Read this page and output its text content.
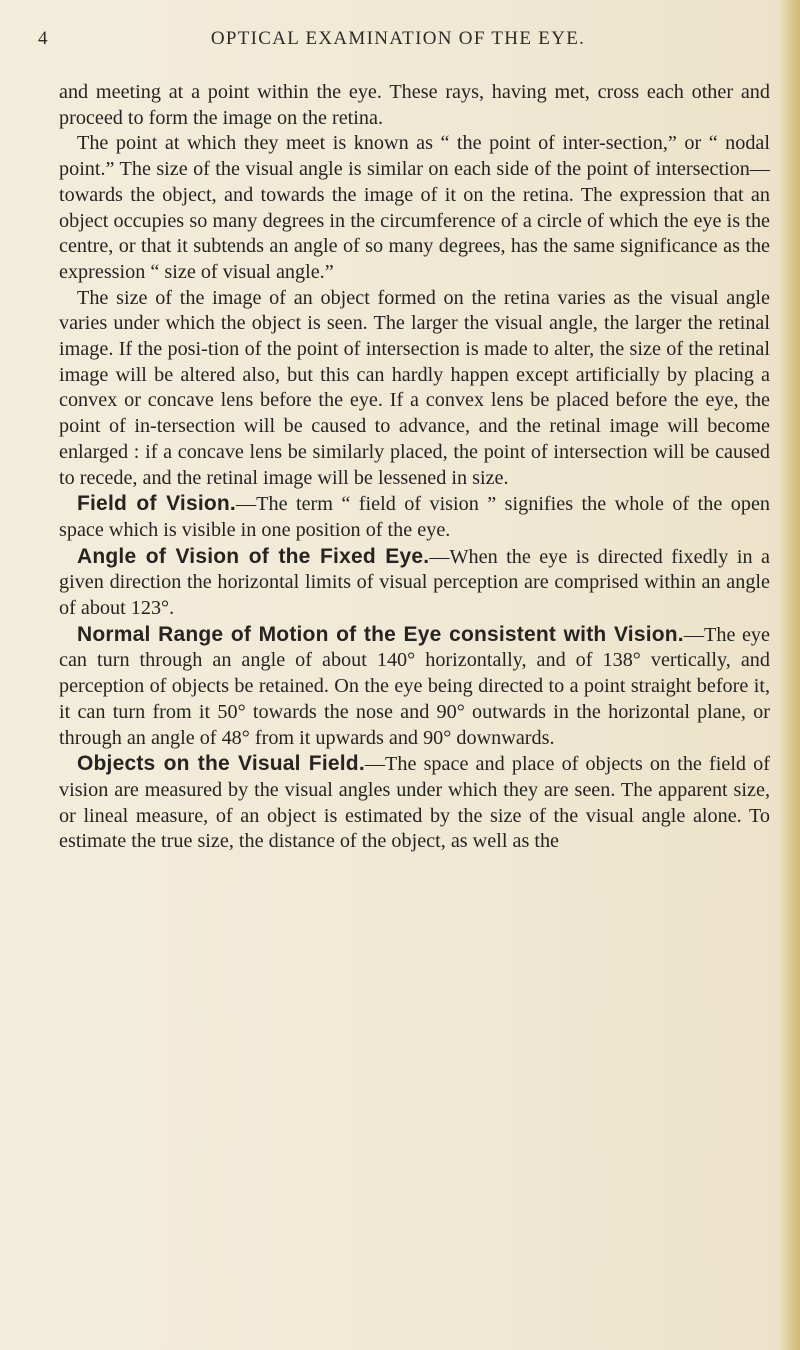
4	OPTICAL EXAMINATION OF THE EYE.

and meeting at a point within the eye. These rays, having met, cross each other and proceed to form the image on the retina.

The point at which they meet is known as “ the point of inter-section,” or “ nodal point.” The size of the visual angle is similar on each side of the point of intersection—towards the object, and towards the image of it on the retina. The expression that an object occupies so many degrees in the circumference of a circle of which the eye is the centre, or that it subtends an angle of so many degrees, has the same significance as the expression “ size of visual angle.”

The size of the image of an object formed on the retina varies as the visual angle varies under which the object is seen. The larger the visual angle, the larger the retinal image. If the posi-tion of the point of intersection is made to alter, the size of the retinal image will be altered also, but this can hardly happen except artificially by placing a convex or concave lens before the eye. If a convex lens be placed before the eye, the point of in-tersection will be caused to advance, and the retinal image will become enlarged : if a concave lens be similarly placed, the point of intersection will be caused to recede, and the retinal image will be lessened in size.

Field of Vision.—The term “ field of vision ” signifies the whole of the open space which is visible in one position of the eye.

Angle of Vision of the Fixed Eye.—When the eye is directed fixedly in a given direction the horizontal limits of visual perception are comprised within an angle of about 123°.

Normal Range of Motion of the Eye consistent with Vision.—The eye can turn through an angle of about 140° horizontally, and of 138° vertically, and perception of objects be retained. On the eye being directed to a point straight before it, it can turn from it 50° towards the nose and 90° outwards in the horizontal plane, or through an angle of 48° from it upwards and 90° downwards.

Objects on the Visual Field.—The space and place of objects on the field of vision are measured by the visual angles under which they are seen. The apparent size, or lineal measure, of an object is estimated by the size of the visual angle alone. To estimate the true size, the distance of the object, as well as the
